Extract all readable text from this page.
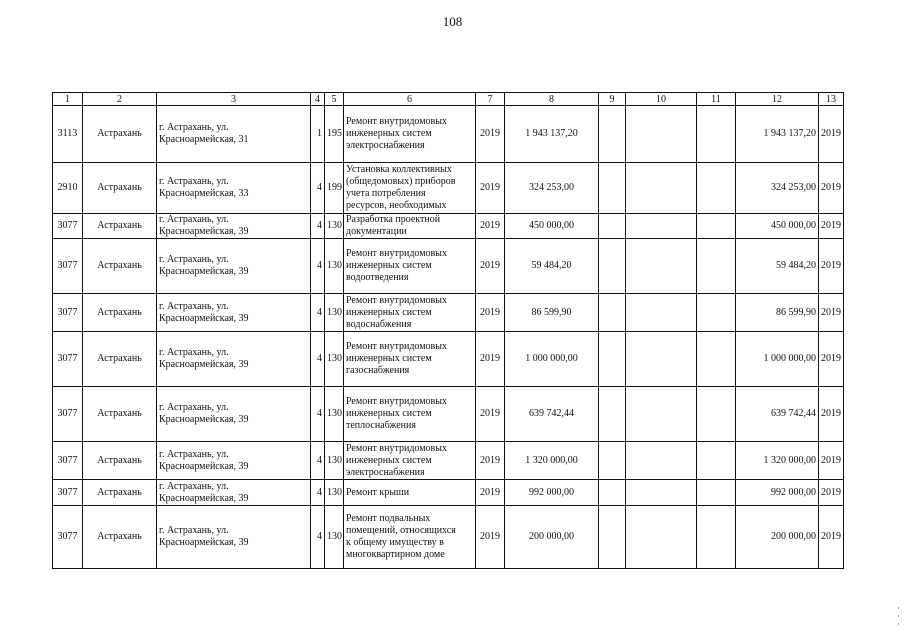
108
1	2	3	4	5	6	7	8	9	10	11	12	13
3113	Астрахань	г. Астрахань, ул.
Красноармейская, 31	1	195	Ремонт внутридомовых
инженерных систем
электроснабжения	2019	1 943 137,20				1 943 137,20	2019
2910	Астрахань	г. Астрахань, ул.
Красноармейская, 33	4	199	Установка коллективных
(общедомовых) приборов
учета потребления
ресурсов, необходимых	2019	324 253,00				324 253,00	2019
3077	Астрахань	г. Астрахань, ул.
Красноармейская, 39	4	130	Разработка проектной
документации	2019	450 000,00				450 000,00	2019
3077	Астрахань	г. Астрахань, ул.
Красноармейская, 39	4	130	Ремонт внутридомовых
инженерных систем
водоотведения	2019	59 484,20				59 484,20	2019
3077	Астрахань	г. Астрахань, ул.
Красноармейская, 39	4	130	Ремонт внутридомовых
инженерных систем
водоснабжения	2019	86 599,90				86 599,90	2019
3077	Астрахань	г. Астрахань, ул.
Красноармейская, 39	4	130	Ремонт внутридомовых
инженерных систем
газоснабжения	2019	1 000 000,00				1 000 000,00	2019
3077	Астрахань	г. Астрахань, ул.
Красноармейская, 39	4	130	Ремонт внутридомовых
инженерных систем
теплоснабжения	2019	639 742,44				639 742,44	2019
3077	Астрахань	г. Астрахань, ул.
Красноармейская, 39	4	130	Ремонт внутридомовых
инженерных систем
электроснабжения	2019	1 320 000,00				1 320 000,00	2019
3077	Астрахань	г. Астрахань, ул.
Красноармейская, 39	4	130	Ремонт крыши	2019	992 000,00				992 000,00	2019
3077	Астрахань	г. Астрахань, ул.
Красноармейская, 39	4	130	Ремонт подвальных
помещений, относящихся
к общему имуществу в
многоквартирном доме	2019	200 000,00				200 000,00	2019
·
·
·
